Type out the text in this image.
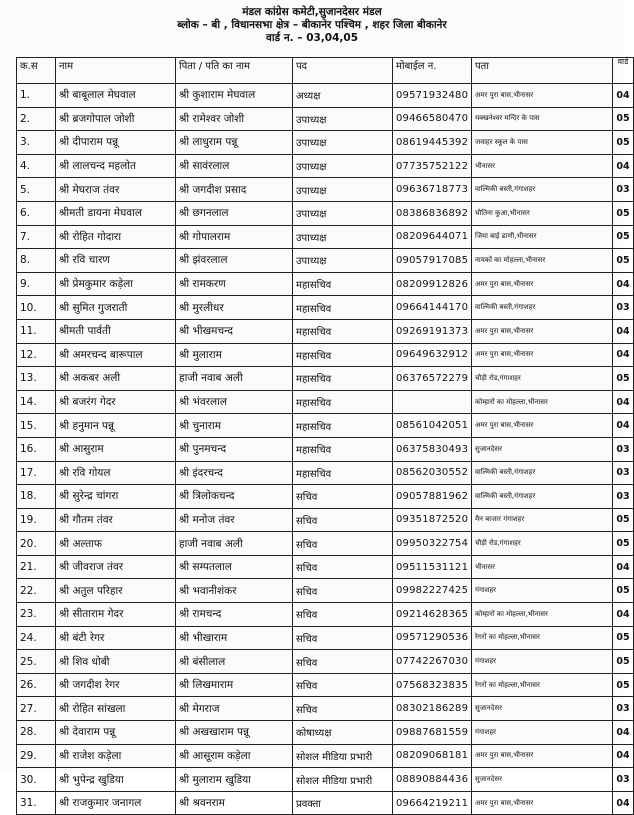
मंडल कांग्रेस कमेटी,सुजानदेसर मंडल
ब्लोक – बी , विधानसभा क्षेत्र – बीकानेर पश्चिम , शहर जिला बीकानेर
वार्ड न. – 03,04,05
क.स	नाम	पिता / पति का नाम	पद	मोबाईल न.	पता	वार्ड
1.	श्री बाबूलाल मेघवाल	श्री कुशाराम मेघवाल	अध्यक्ष	09571932480	अमर पुरा बास,भीनासर	04
2.	श्री ब्रजगोपाल जोशी	श्री रामेश्वर जोशी	उपाध्यक्ष	09466580470	मक्खनेश्वर मन्दिर के पास	05
3.	श्री दीपाराम पन्नू	श्री लाधुराम पन्नू	उपाध्यक्ष	08619445392	जवाहर स्कूल के पास	05
4.	श्री लालचन्द महलोत	श्री सावंरलाल	उपाध्यक्ष	07735752122	भीनासर	04
5.	श्री मेघराज तंवर	श्री जगदीश प्रसाद	उपाध्यक्ष	09636718773	वाल्मिकी बस्ती,गंगाशहर	03
6.	श्रीमती डायना मेघवाल	श्री छगनलाल	उपाध्यक्ष	08386836892	चौतिना कुआ,भीनासर	05
7.	श्री रोहित गोदारा	श्री गोपालराम	उपाध्यक्ष	08209644071	जिया बाई ढाणी,भीनासर	05
8.	श्री रवि चारण	श्री झंवरलाल	उपाध्यक्ष	09057917085	नायकों का मोहल्ला,भीनासर	05
9.	श्री प्रेमकुमार कड़ेला	श्री रामकरण	महासचिव	08209912826	अमर पुरा बास,भीनासर	04
10.	श्री सुमित गुजराती	श्री मुरलीधर	महासचिव	09664144170	वाल्मिकी बस्ती,गंगाशहर	03
11.	श्रीमती पार्वती	श्री भीखमचन्द	महासचिव	09269191373	अमर पुरा बास,भीनासर	04
12.	श्री अमरचन्द बारूपाल	श्री मुलाराम	महासचिव	09649632912	अमर पुरा बास,भीनासर	04
13.	श्री अकबर अली	हाजी नवाब अली	महासचिव	06376572279	चौड़ी रोड,गंगाशहर	05
14.	श्री बजरंग गेदर	श्री भंवरलाल	महासचिव		कोम्हारों का मोहल्ला,भीनासर	04
15.	श्री हनुमान पन्नू	श्री चुनाराम	महासचिव	08561042051	अमर पुरा बास,भीनासर	04
16.	श्री आसुराम	श्री पुनमचन्द	महासचिव	06375830493	सुजानदेसर	03
17.	श्री रवि गोयल	श्री इंदरचन्द	महासचिव	08562030552	वाल्मिकी बस्ती,गंगाशहर	03
18.	श्री सुरेन्द्र चांगरा	श्री त्रिलोकचन्द	सचिव	09057881962	वाल्मिकी बस्ती,गंगाशहर	03
19.	श्री गौतम तंवर	श्री मनोज तंवर	सचिव	09351872520	मैन बाजार गंगाशहर	05
20.	श्री अल्ताफ	हाजी नवाब अली	सचिव	09950322754	चौड़ी रोड,गंगाशहर	05
21.	श्री जीवराज तंवर	श्री सम्पतलाल	सचिव	09511531121	भीनासर	04
22.	श्री अतुल परिहार	श्री भवानीशंकर	सचिव	09982227425	गंगाशहर	05
23.	श्री सीताराम गेदर	श्री रामचन्द	सचिव	09214628365	कोम्हारों का मोहल्ला,भीनासर	04
24.	श्री बंटी रेगर	श्री भीखाराम	सचिव	09571290536	रेगरों का मोहल्ला,भीनासर	05
25.	श्री शिव धोबी	श्री बंसीलाल	सचिव	07742267030	गंगाशहर	05
26.	श्री जगदीश रेगर	श्री लिखमाराम	सचिव	07568323835	रेगरों का मोहल्ला,भीनासर	05
27.	श्री रोहित सांखला	श्री मेगराज	सचिव	08302186289	सुजानदेसर	03
28.	श्री देवाराम पन्नू	श्री अखखाराम पन्नू	कोषाध्यक्ष	09887681559	गंगाशहर	04
29.	श्री राजेश कड़ेला	श्री आसूराम कड़ेला	सोशल मीडिया प्रभारी	08209068181	अमर पुरा बास,भीनासर	04
30.	श्री भुपेन्द्र खुडिया	श्री मुलाराम खुडिया	सोशल मीडिया प्रभारी	08890884436	सुजानदेसर	03
31.	श्री राजकुमार जनागल	श्री श्रवनराम	प्रवक्ता	09664219211	अमर पुरा बास,भीनासर	04
